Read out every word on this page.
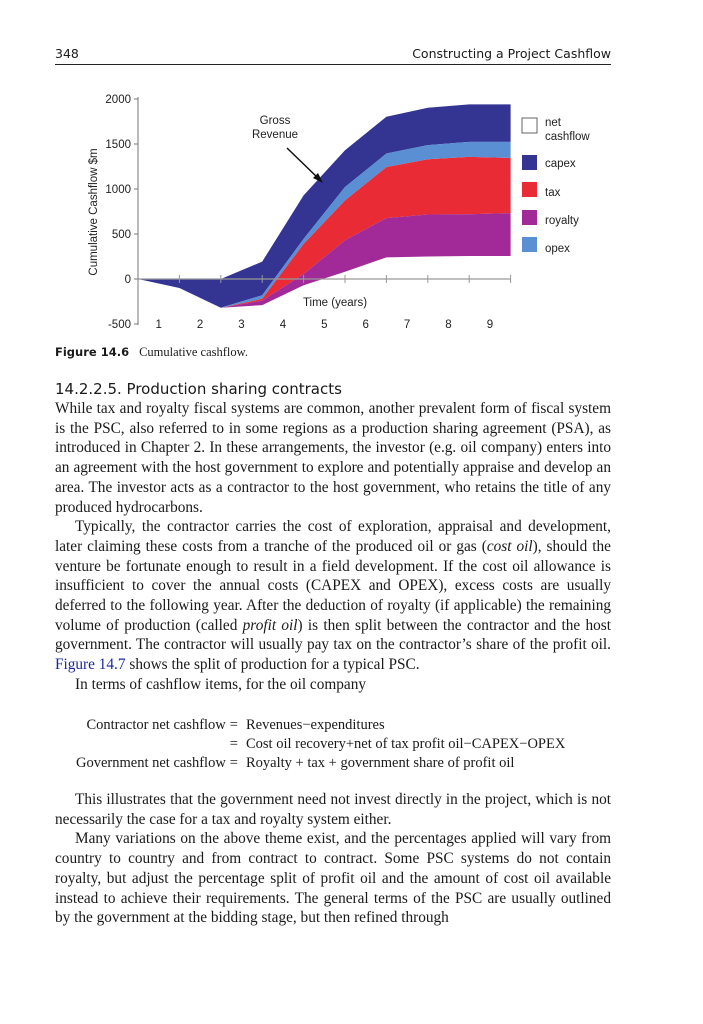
348	Constructing a Project Cashflow
2000
1500
1000
500
0
-500 1	2	3	4	5	6	7	8	9
Cumulative Cashflow $m
Time (years)
Gross
Revenue
net
cashflow
capex
tax
royalty
opex
Figure 14.6 Cumulative cashflow.
14.2.2.5. Production sharing contracts

While tax and royalty fiscal systems are common, another prevalent form of fiscal system is the PSC, also referred to in some regions as a production sharing agreement (PSA), as introduced in Chapter 2. In these arrangements, the investor (e.g. oil company) enters into an agreement with the host government to explore and potentially appraise and develop an area. The investor acts as a contractor to the host government, who retains the title of any produced hydrocarbons.

Typically, the contractor carries the cost of exploration, appraisal and development, later claiming these costs from a tranche of the produced oil or gas (cost oil), should the venture be fortunate enough to result in a field development. If the cost oil allowance is insufficient to cover the annual costs (CAPEX and OPEX), excess costs are usually deferred to the following year. After the deduction of royalty (if applicable) the remaining volume of production (called profit oil) is then split between the contractor and the host government. The contractor will usually pay tax on the contractor’s share of the profit oil. Figure 14.7 shows the split of production for a typical PSC.

In terms of cashflow items, for the oil company

Contractor net cashflow	=	Revenues−expenditures
	=	Cost oil recovery+net of tax profit oil−CAPEX−OPEX
Government net cashflow	=	Royalty + tax + government share of profit oil

This illustrates that the government need not invest directly in the project, which is not necessarily the case for a tax and royalty system either.

Many variations on the above theme exist, and the percentages applied will vary from country to country and from contract to contract. Some PSC systems do not contain royalty, but adjust the percentage split of profit oil and the amount of cost oil available instead to achieve their requirements. The general terms of the PSC are usually outlined by the government at the bidding stage, but then refined through
